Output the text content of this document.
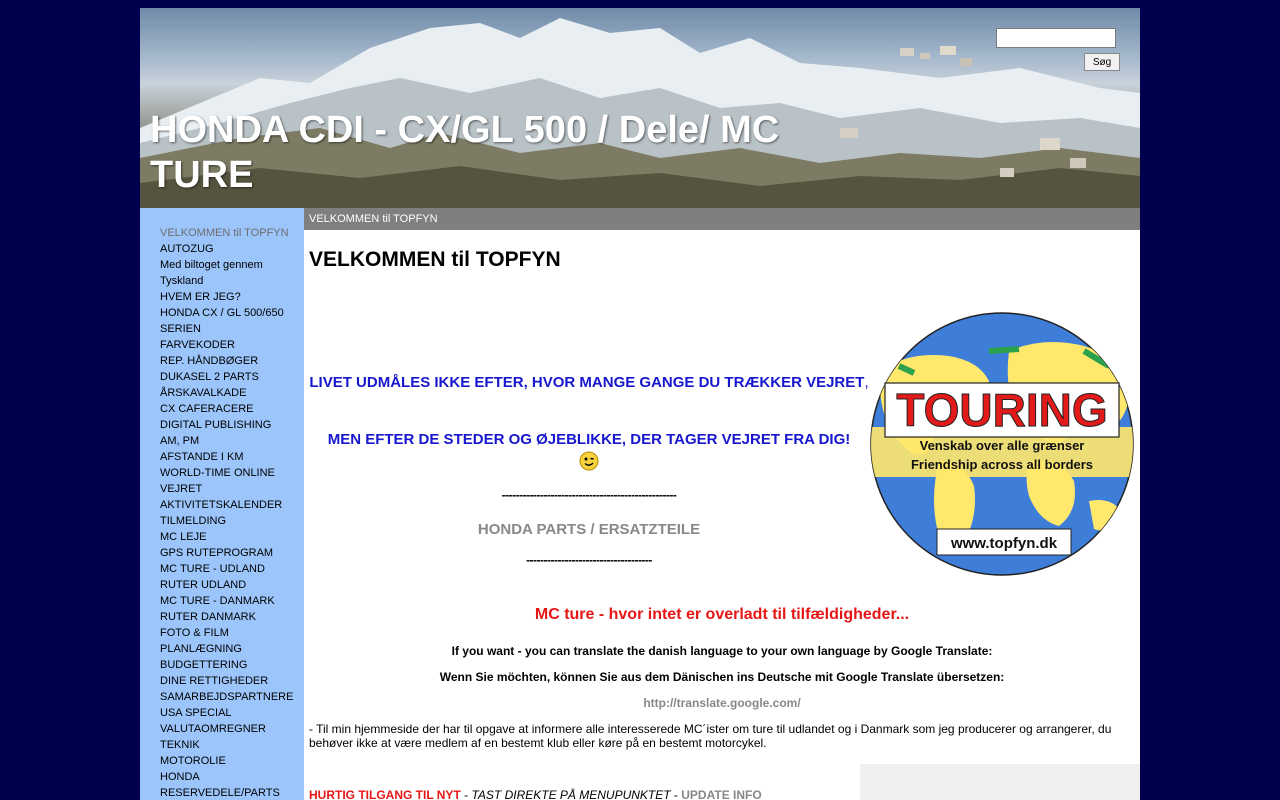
HONDA CDI - CX/GL 500 / Dele/ MC TURE
Søg
VELKOMMEN til TOPFYN
AUTOZUG
Med biltoget gennem Tyskland
HVEM ER JEG?
HONDA CX / GL 500/650 SERIEN
FARVEKODER
REP. HÅNDBØGER
DUKASEL 2 PARTS
ÅRSKAVALKADE
CX CAFERACERE
DIGITAL PUBLISHING
AM, PM
AFSTANDE I KM
WORLD-TIME ONLINE
VEJRET
AKTIVITETSKALENDER
TILMELDING
MC LEJE
GPS RUTEPROGRAM
MC TURE - UDLAND
RUTER UDLAND
MC TURE - DANMARK
RUTER DANMARK
FOTO & FILM
PLANLÆGNING
BUDGETTERING
DINE RETTIGHEDER
SAMARBEJDSPARTNERE
USA SPECIAL
VALUTAOMREGNER
TEKNIK
MOTOROLIE
HONDA RESERVEDELE/PARTS
VELKOMMEN til TOPFYN
VELKOMMEN til TOPFYN
LIVET UDMÅLES IKKE EFTER, HVOR MANGE GANGE DU TRÆKKER VEJRET,
MEN EFTER DE STEDER OG ØJEBLIKKE, DER TAGER VEJRET FRA DIG!

--------------------------------------------------
HONDA PARTS / ERSATZTEILE
------------------------------------
TOURING
Venskab over alle grænser
Friendship across all borders
www.topfyn.dk

MC ture - hvor intet er overladt til tilfældigheder...

If you want - you can translate the danish language to your own language by Google Translate:

Wenn Sie möchten, können Sie aus dem Dänischen ins Deutsche mit Google Translate übersetzen:

http://translate.google.com/

- Til min hjemmeside der har til opgave at informere alle interesserede MC´ister om ture til udlandet og i Danmark som jeg producerer og arrangerer, du behøver ikke at være medlem af en bestemt klub eller køre på en bestemt motorcykel.

HURTIG TILGANG TIL NYT - TAST DIREKTE PÅ MENUPUNKTET - UPDATE INFO
